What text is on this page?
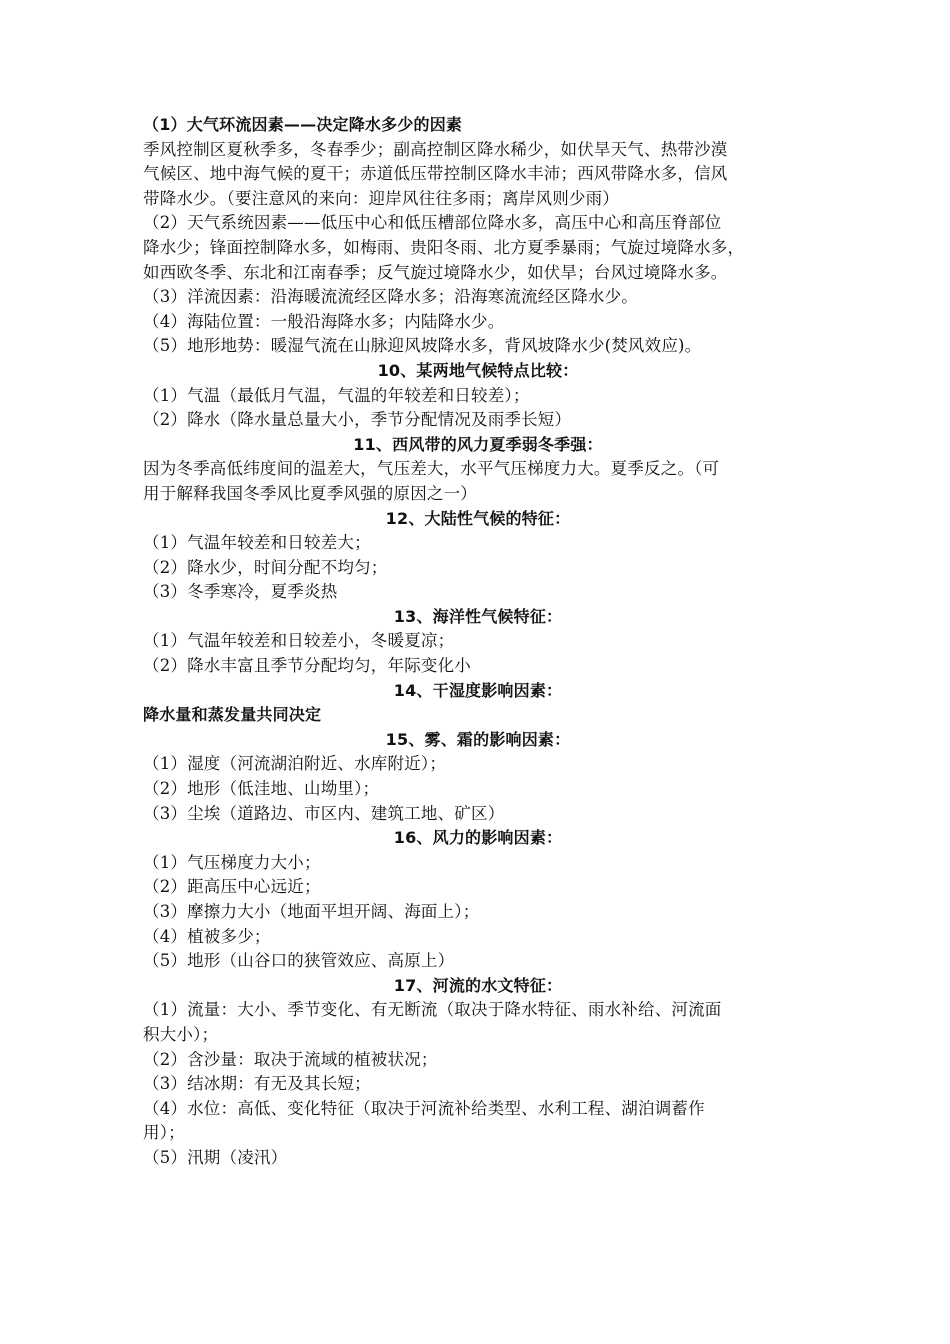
（1）大气环流因素——决定降水多少的因素
季风控制区夏秋季多，冬春季少；副高控制区降水稀少，如伏旱天气、热带沙漠
气候区、地中海气候的夏干；赤道低压带控制区降水丰沛；西风带降水多，信风
带降水少。（要注意风的来向：迎岸风往往多雨；离岸风则少雨）
（2）天气系统因素——低压中心和低压槽部位降水多，高压中心和高压脊部位
降水少；锋面控制降水多，如梅雨、贵阳冬雨、北方夏季暴雨；气旋过境降水多，
如西欧冬季、东北和江南春季；反气旋过境降水少，如伏旱；台风过境降水多。
（3）洋流因素：沿海暖流流经区降水多；沿海寒流流经区降水少。
（4）海陆位置：一般沿海降水多；内陆降水少。
（5）地形地势：暖湿气流在山脉迎风坡降水多，背风坡降水少(焚风效应)。
10、某两地气候特点比较：
（1）气温（最低月气温，气温的年较差和日较差）；
（2）降水（降水量总量大小，季节分配情况及雨季长短）
11、西风带的风力夏季弱冬季强：
因为冬季高低纬度间的温差大，气压差大，水平气压梯度力大。夏季反之。（可
用于解释我国冬季风比夏季风强的原因之一）
12、大陆性气候的特征：
（1）气温年较差和日较差大；
（2）降水少，时间分配不均匀；
（3）冬季寒冷，夏季炎热
13、海洋性气候特征：
（1）气温年较差和日较差小，冬暖夏凉；
（2）降水丰富且季节分配均匀，年际变化小
14、干湿度影响因素：
降水量和蒸发量共同决定
15、雾、霜的影响因素：
（1）湿度（河流湖泊附近、水库附近）；
（2）地形（低洼地、山坳里）；
（3）尘埃（道路边、市区内、建筑工地、矿区）
16、风力的影响因素：
（1）气压梯度力大小；
（2）距高压中心远近；
（3）摩擦力大小（地面平坦开阔、海面上）；
（4）植被多少；
（5）地形（山谷口的狭管效应、高原上）
17、河流的水文特征：
（1）流量：大小、季节变化、有无断流（取决于降水特征、雨水补给、河流面
积大小）；
（2）含沙量：取决于流域的植被状况；
（3）结冰期：有无及其长短；
（4）水位：高低、变化特征（取决于河流补给类型、水利工程、湖泊调蓄作
用）；
（5）汛期（凌汛）
